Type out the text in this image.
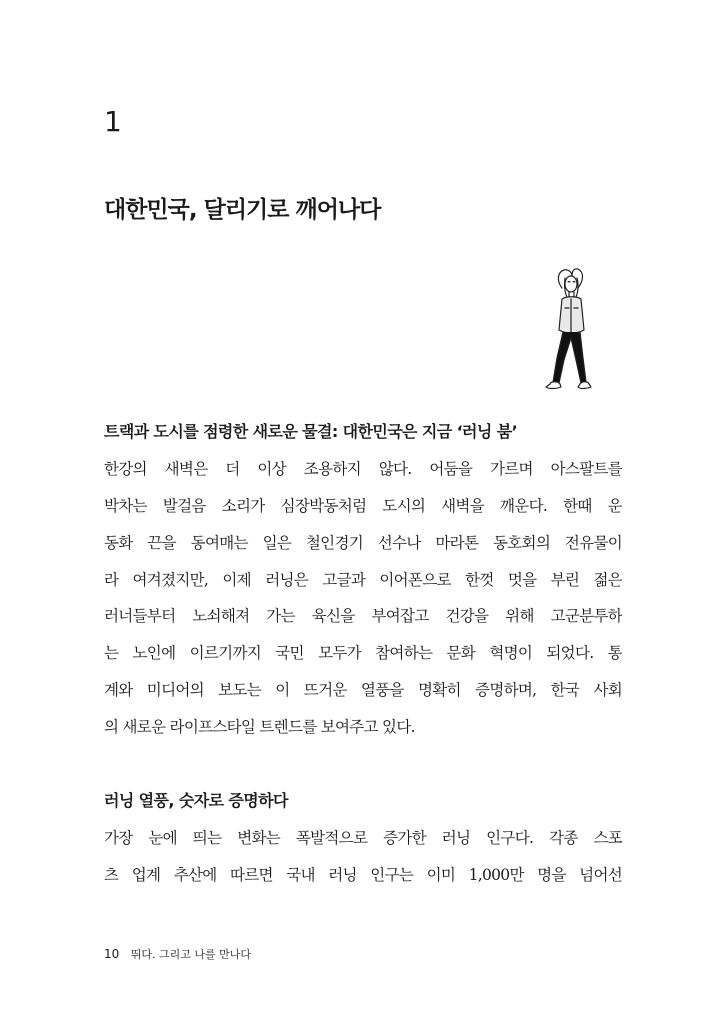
1
대한민국, 달리기로 깨어나다
트랙과 도시를 점령한 새로운 물결: 대한민국은 지금 ‘러닝 붐’

한강의 새벽은 더 이상 조용하지 않다. 어둠을 가르며 아스팔트를

박차는 발걸음 소리가 심장박동처럼 도시의 새벽을 깨운다. 한때 운

동화 끈을 동여매는 일은 철인경기 선수나 마라톤 동호회의 전유물이

라 여겨졌지만, 이제 러닝은 고글과 이어폰으로 한껏 멋을 부린 젊은

러너들부터 노쇠해져 가는 육신을 부여잡고 건강을 위해 고군분투하

는 노인에 이르기까지 국민 모두가 참여하는 문화 혁명이 되었다. 통

계와 미디어의 보도는 이 뜨거운 열풍을 명확히 증명하며, 한국 사회

의 새로운 라이프스타일 트렌드를 보여주고 있다.

러닝 열풍, 숫자로 증명하다

가장 눈에 띄는 변화는 폭발적으로 증가한 러닝 인구다. 각종 스포

츠 업계 추산에 따르면 국내 러닝 인구는 이미 1,000만 명을 넘어선

10 뛰다. 그리고 나를 만나다
